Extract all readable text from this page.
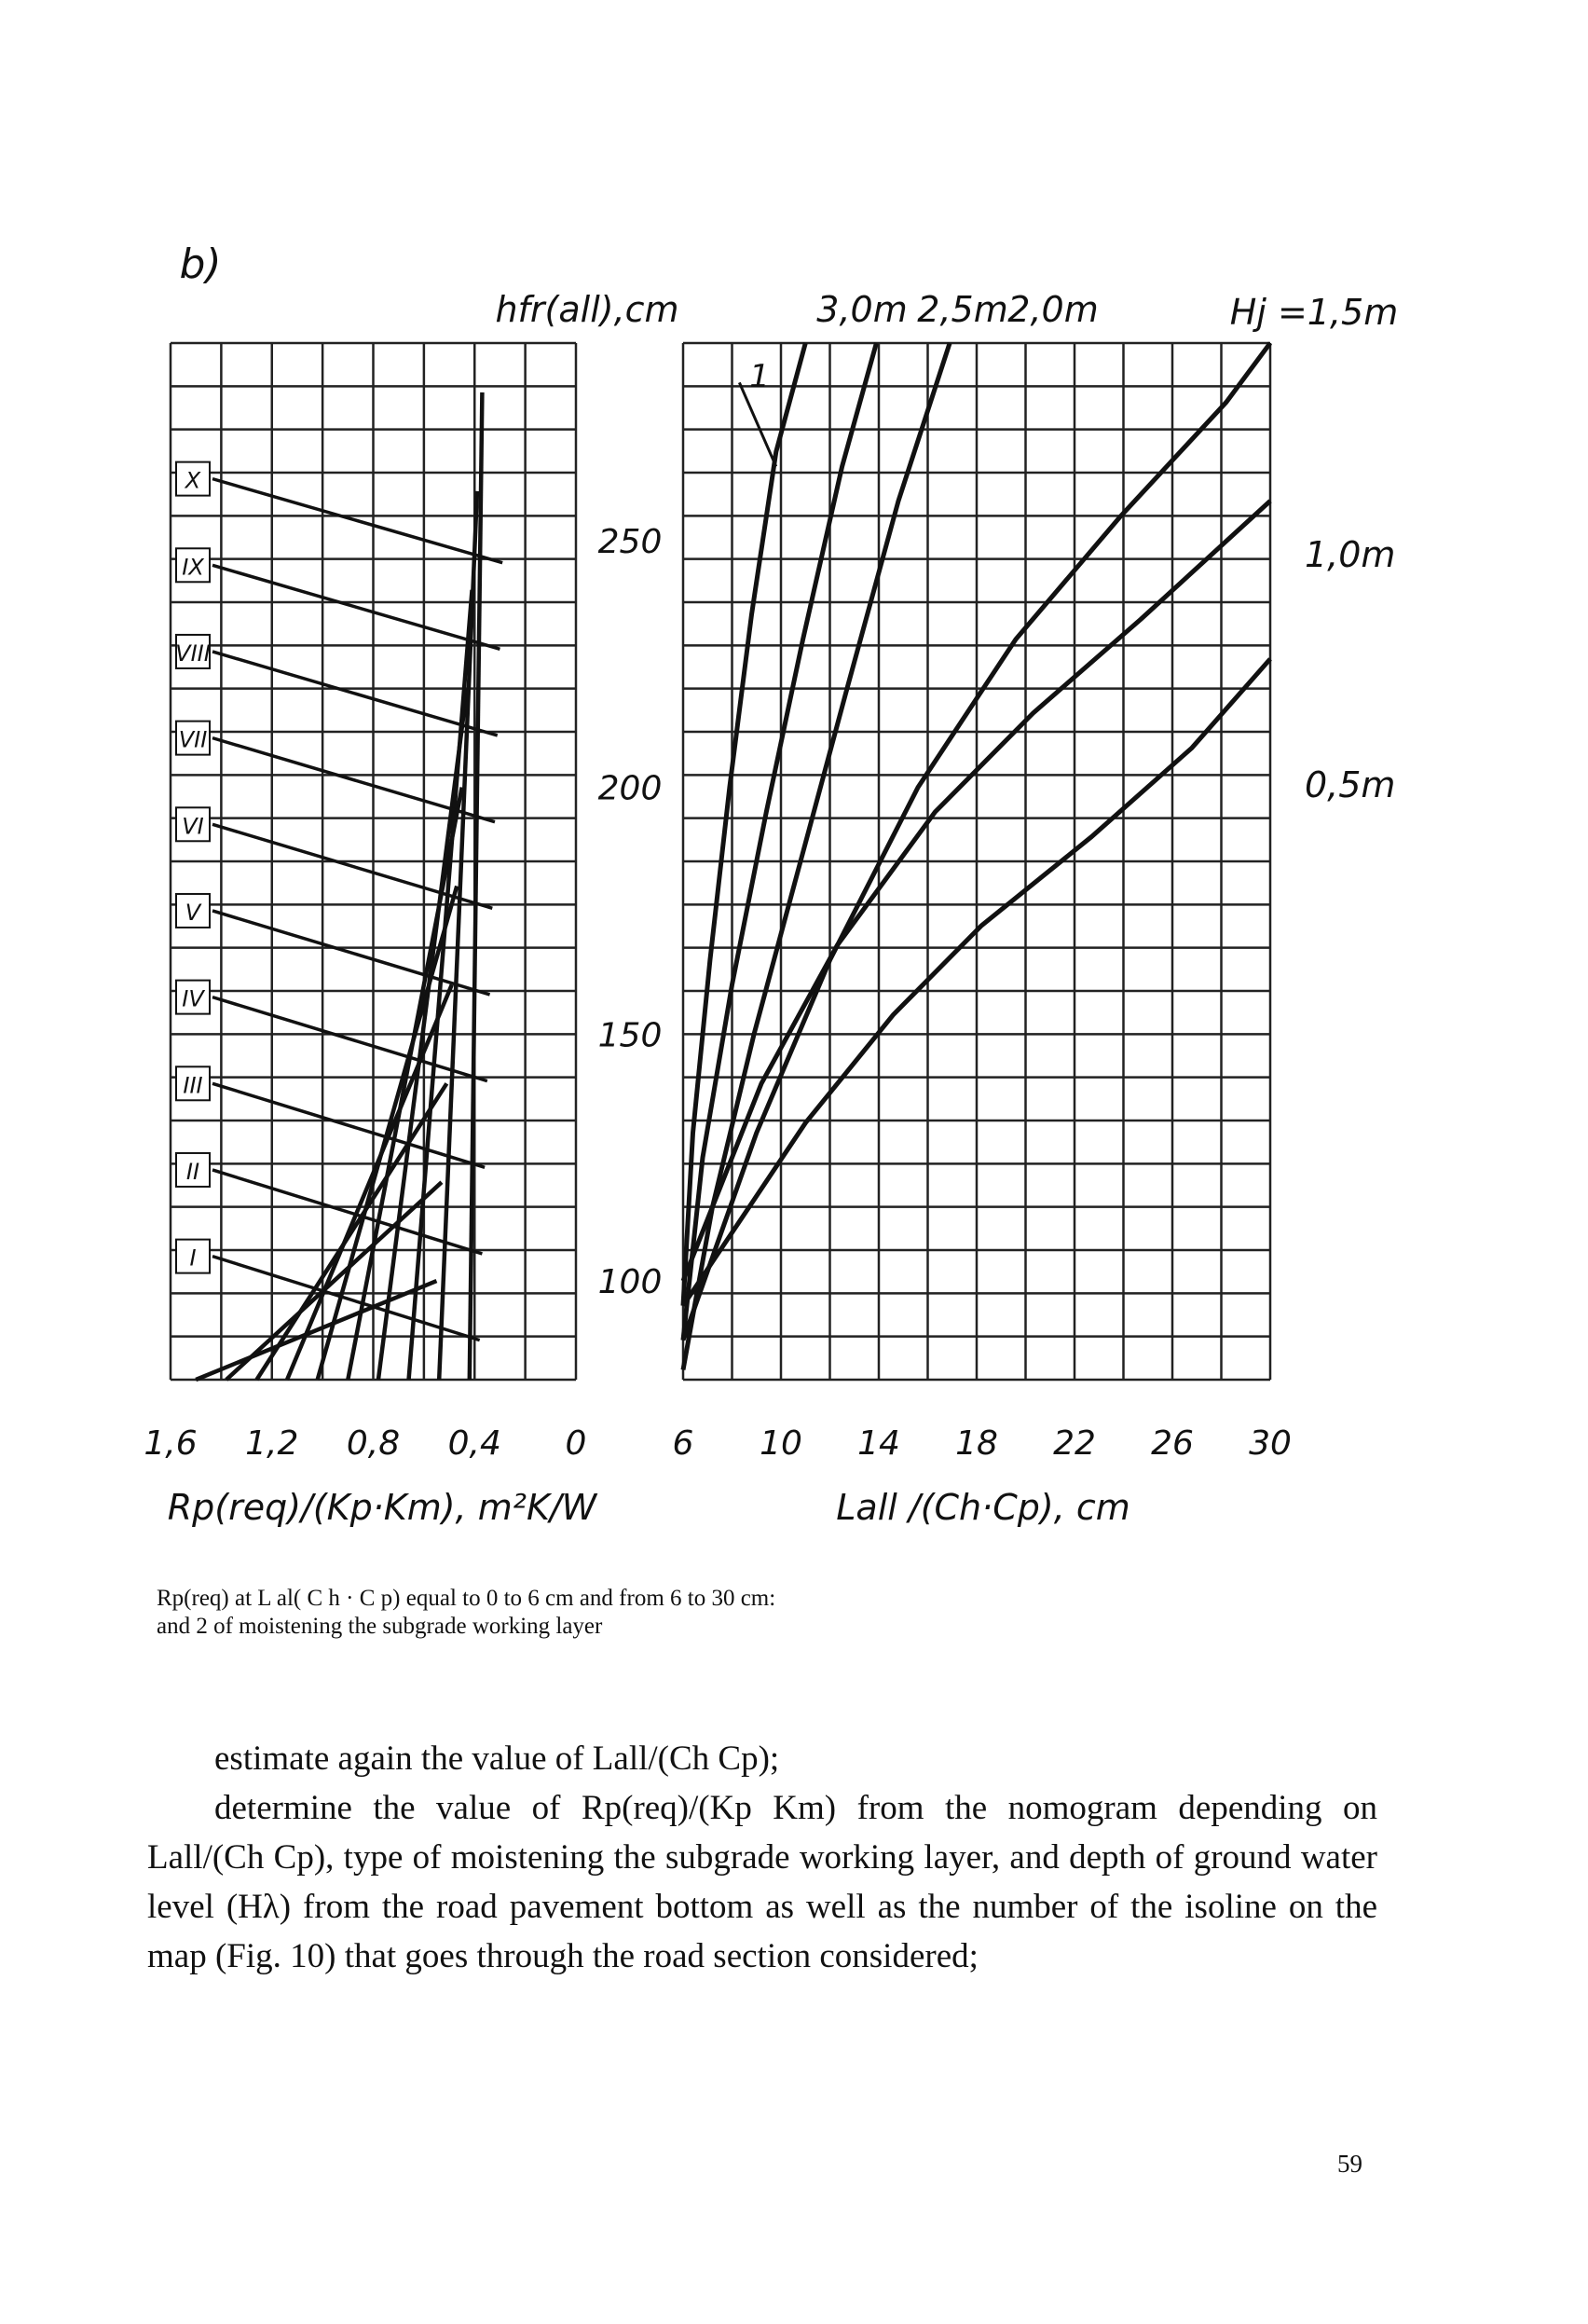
I
II
III
IV
V
VI
VII
VIII
IX
X
b)
hfr(all),cm
1
3,0m 2,5m 2,0m	Hj =1,5m
1,0m
0,5m
250
200
150
100
1,6 1,2 0,8 0,4 0	6 10 14 18 22 26 30
Rp(req)/(Kp·Km), m²K/W	Lall /(Ch·Cp), cm
Rp(req) at L al( C h · C p) equal to 0 to 6 cm and from 6 to 30 cm:
and 2 of moistening the subgrade working layer

estimate again the value of Lall/(Ch Cp);

determine the value of Rp(req)/(Kp Km) from the nomogram depending on Lall/(Ch Cp), type of moistening the subgrade working layer, and depth of ground water level (Hλ) from the road pavement bottom as well as the number of the isoline on the map (Fig. 10) that goes through the road section considered;

59
